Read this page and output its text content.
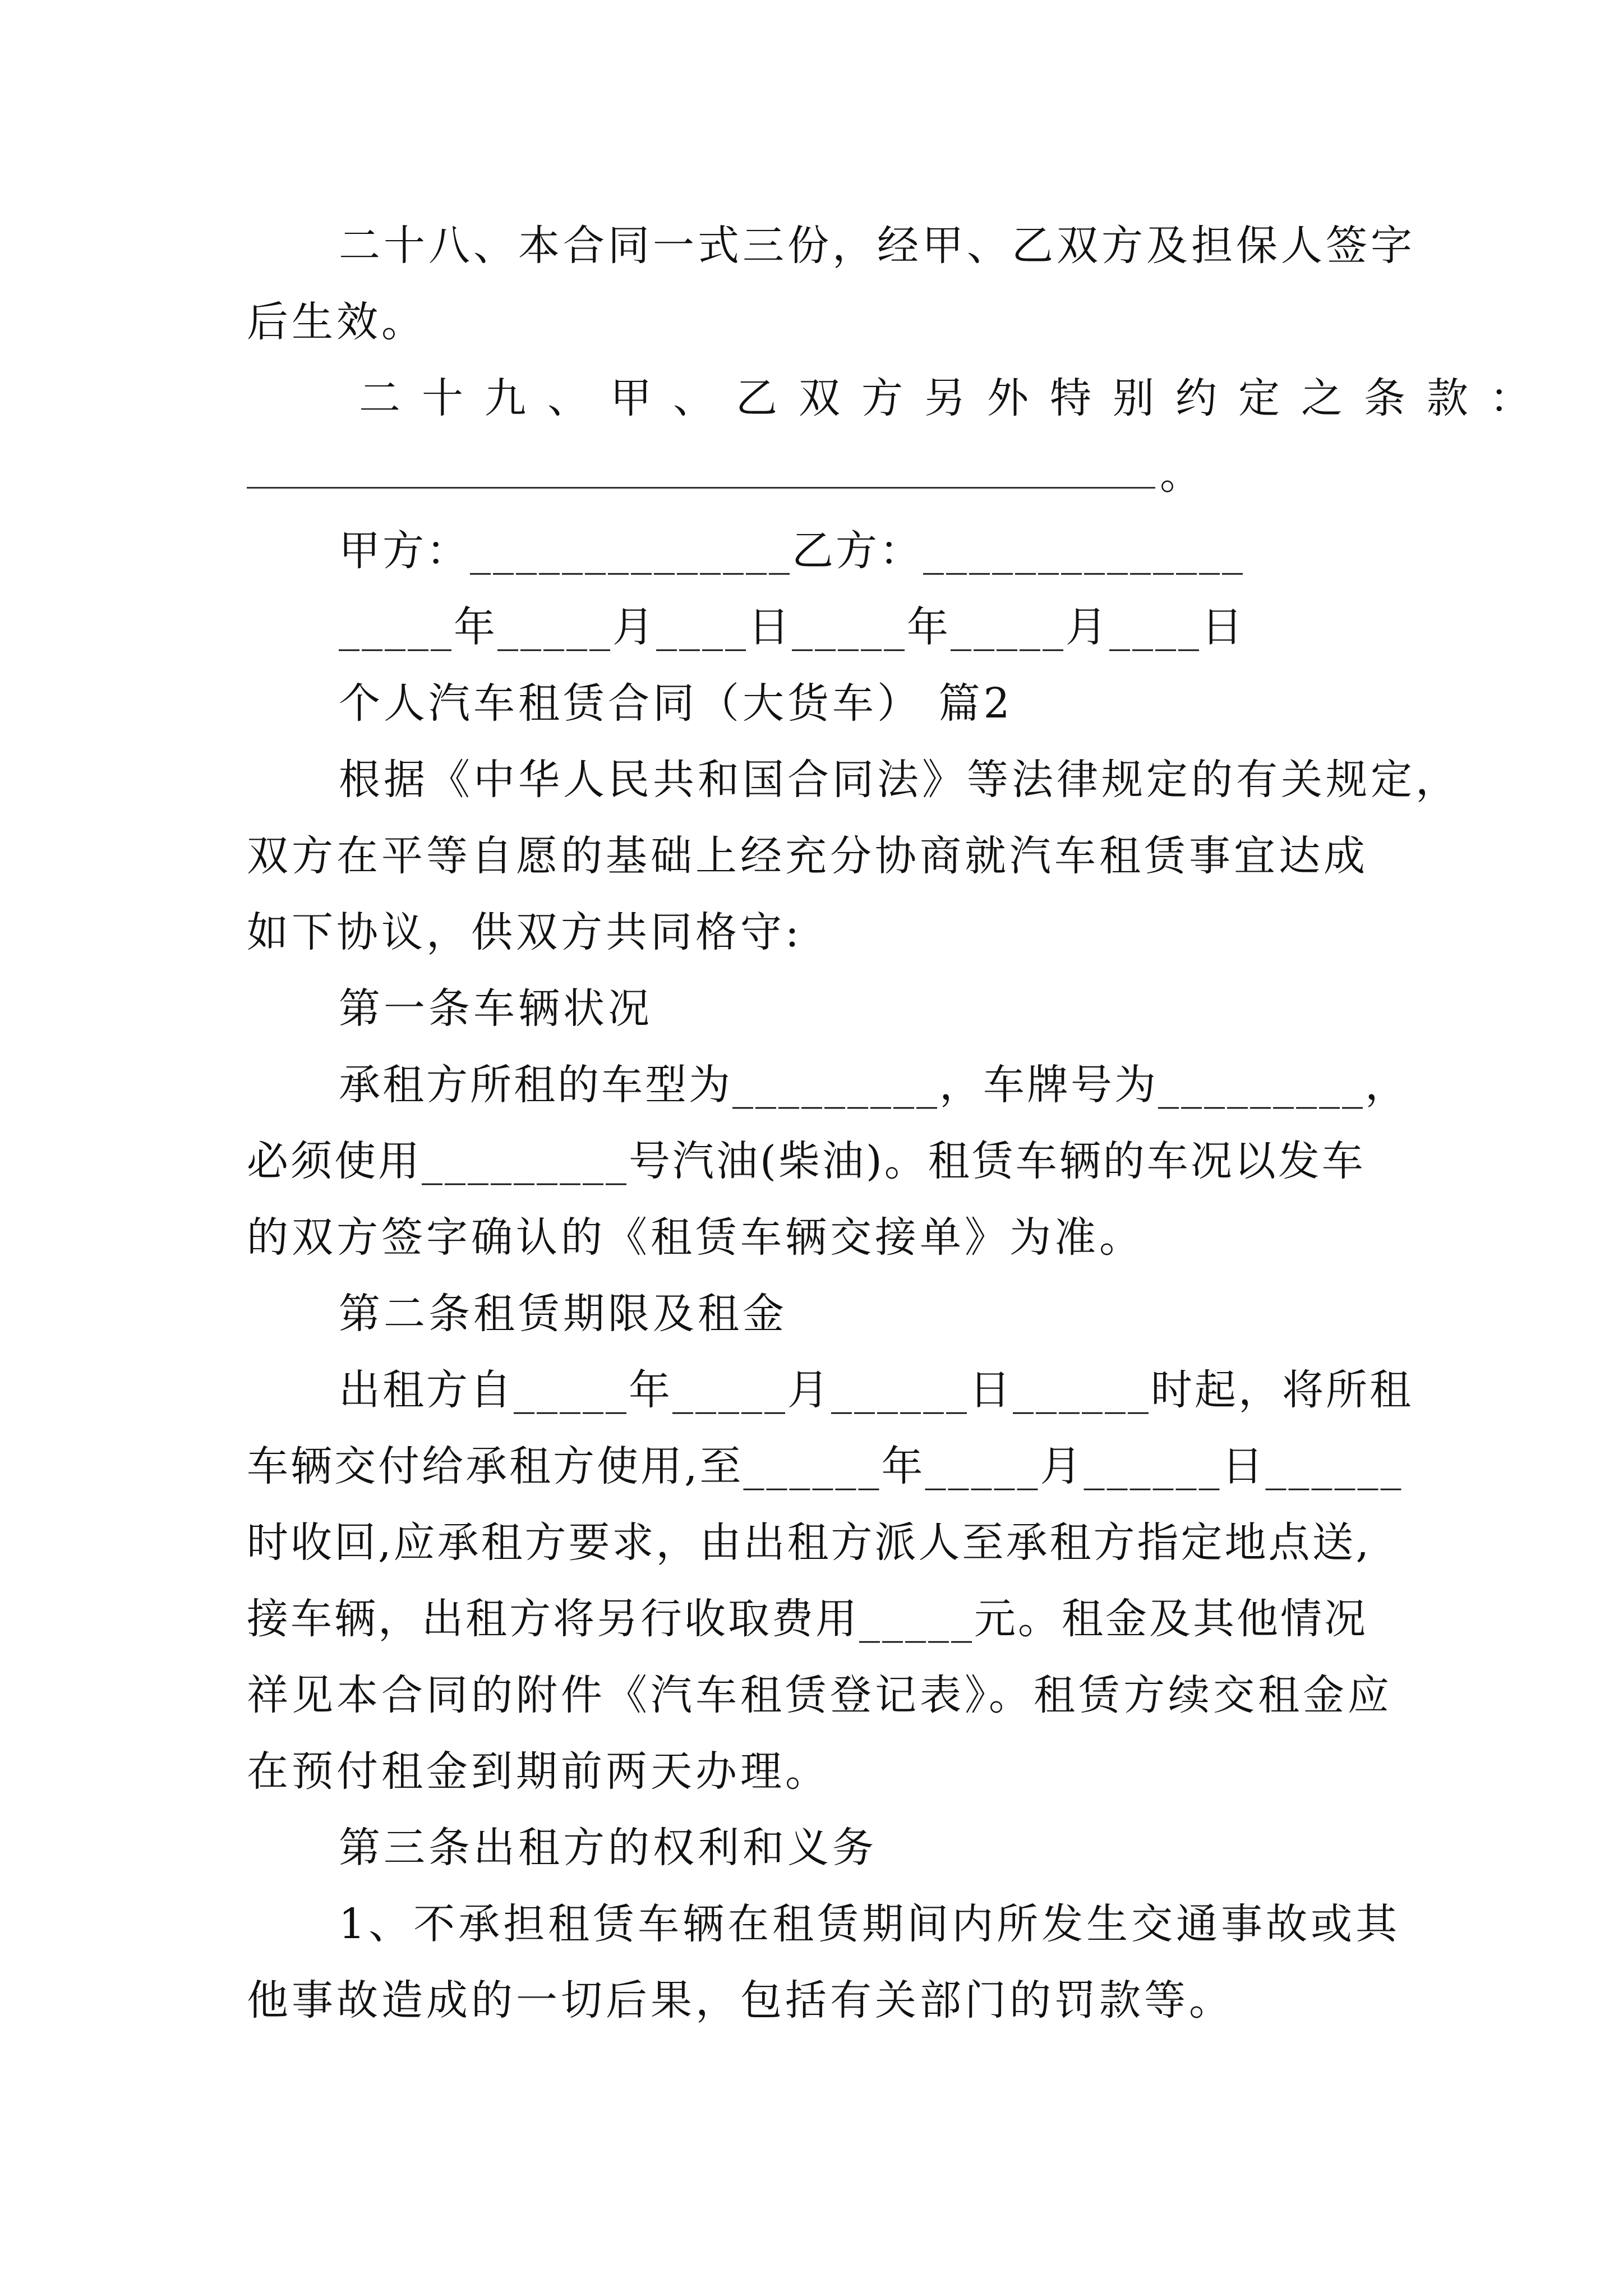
二十八、本合同一式三份，经甲、乙双方及担保人签字
后生效。
二十九、甲、乙双方另外特别约定之条款：
。
甲方：______________乙方：______________
_____年_____月____日_____年_____月____日
个人汽车租赁合同（大货车） 篇2
根据《中华人民共和国合同法》等法律规定的有关规定，
双方在平等自愿的基础上经充分协商就汽车租赁事宜达成
如下协议，供双方共同格守:
第一条车辆状况
承租方所租的车型为_________，车牌号为_________，
必须使用_________号汽油(柴油)。租赁车辆的车况以发车
的双方签字确认的《租赁车辆交接单》为准。
第二条租赁期限及租金
出租方自_____年_____月______日______时起，将所租
车辆交付给承租方使用,至______年_____月______日______
时收回,应承租方要求，由出租方派人至承租方指定地点送,
接车辆，出租方将另行收取费用_____元。租金及其他情况
祥见本合同的附件《汽车租赁登记表》。租赁方续交租金应
在预付租金到期前两天办理。
第三条出租方的权利和义务
1、不承担租赁车辆在租赁期间内所发生交通事故或其
他事故造成的一切后果，包括有关部门的罚款等。
